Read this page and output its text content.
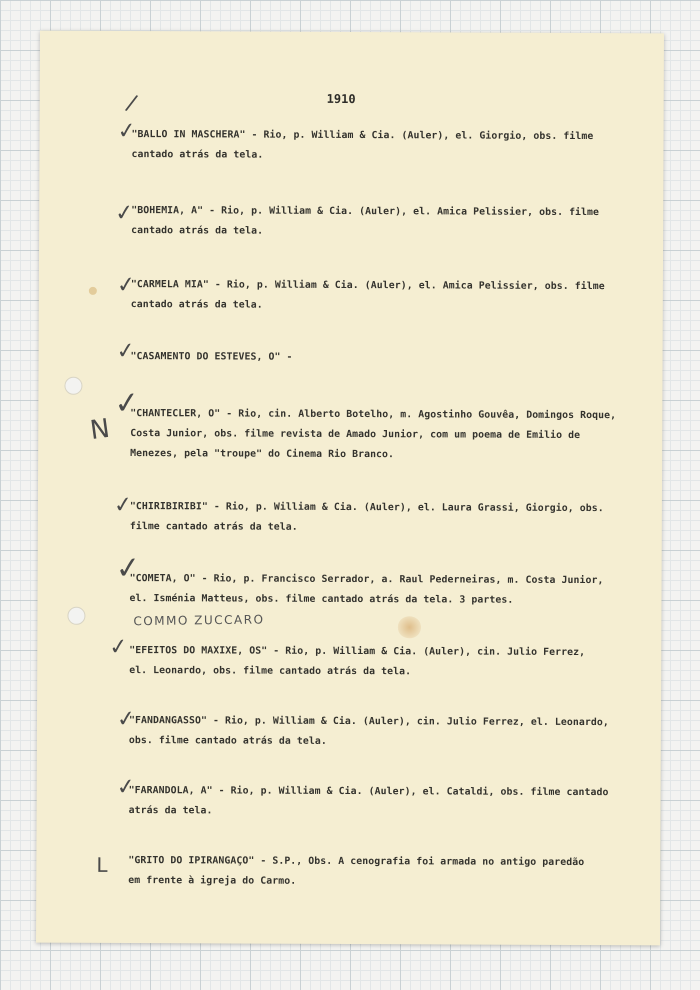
1910
✓
/
✓
✓
✓
✓
✓
✓
✓
✓
✓
N
L
"BALLO IN MASCHERA" - Rio, p. William & Cia. (Auler), el. Giorgio, obs. filme
cantado atrás da tela.
"BOHEMIA, A" - Rio, p. William & Cia. (Auler), el. Amica Pelissier, obs. filme
cantado atrás da tela.
"CARMELA MIA" - Rio, p. William & Cia. (Auler), el. Amica Pelissier, obs. filme
cantado atrás da tela.
"CASAMENTO DO ESTEVES, O" -
"CHANTECLER, O" - Rio, cin. Alberto Botelho, m. Agostinho Gouvêa, Domingos Roque,
Costa Junior, obs. filme revista de Amado Junior, com um poema de Emilio de
Menezes, pela "troupe" do Cinema Rio Branco.
"CHIRIBIRIBI" - Rio, p. William & Cia. (Auler), el. Laura Grassi, Giorgio, obs.
filme cantado atrás da tela.
"COMETA, O" - Rio, p. Francisco Serrador, a. Raul Pederneiras, m. Costa Junior,
el. Isménia Matteus, obs. filme cantado atrás da tela. 3 partes.
COMMO ZUCCARO
"EFEITOS DO MAXIXE, OS" - Rio, p. William & Cia. (Auler), cin. Julio Ferrez,
el. Leonardo, obs. filme cantado atrás da tela.
"FANDANGASSO" - Rio, p. William & Cia. (Auler), cin. Julio Ferrez, el. Leonardo,
obs. filme cantado atrás da tela.
"FARANDOLA, A" - Rio, p. William & Cia. (Auler), el. Cataldi, obs. filme cantado
atrás da tela.
"GRITO DO IPIRANGAÇO" - S.P., Obs. A cenografia foi armada no antigo paredão
em frente à igreja do Carmo.
